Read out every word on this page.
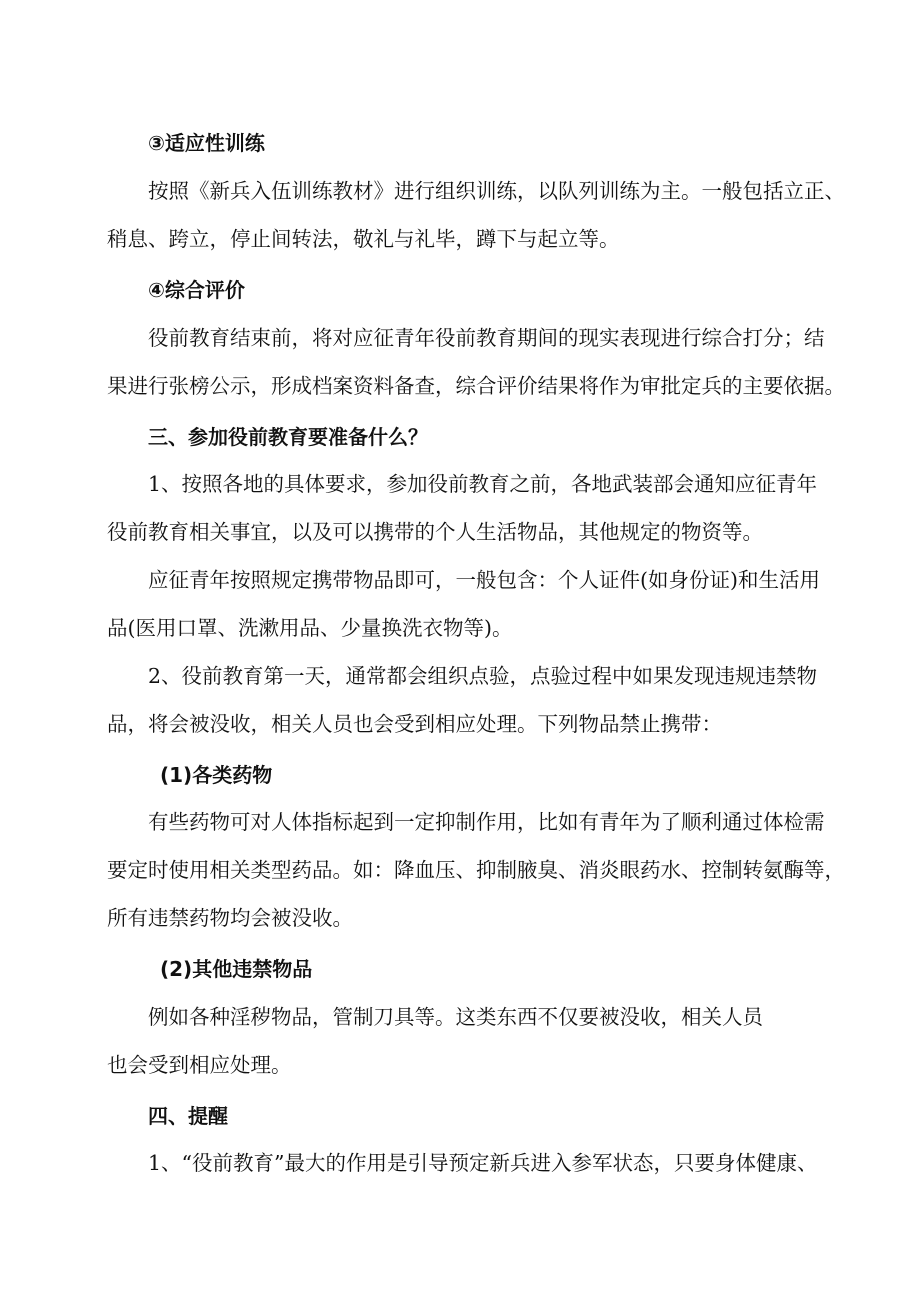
③适应性训练
按照《新兵入伍训练教材》进行组织训练，以队列训练为主。一般包括立正、
稍息、跨立，停止间转法，敬礼与礼毕，蹲下与起立等。
④综合评价
役前教育结束前，将对应征青年役前教育期间的现实表现进行综合打分；结
果进行张榜公示，形成档案资料备查，综合评价结果将作为审批定兵的主要依据。
三、参加役前教育要准备什么？
1、按照各地的具体要求，参加役前教育之前，各地武装部会通知应征青年
役前教育相关事宜，以及可以携带的个人生活物品，其他规定的物资等。
应征青年按照规定携带物品即可，一般包含：个人证件(如身份证)和生活用
品(医用口罩、洗漱用品、少量换洗衣物等)。
2、役前教育第一天，通常都会组织点验，点验过程中如果发现违规违禁物
品，将会被没收，相关人员也会受到相应处理。下列物品禁止携带：
(1)各类药物
有些药物可对人体指标起到一定抑制作用，比如有青年为了顺利通过体检需
要定时使用相关类型药品。如：降血压、抑制腋臭、消炎眼药水、控制转氨酶等，
所有违禁药物均会被没收。
(2)其他违禁物品
例如各种淫秽物品，管制刀具等。这类东西不仅要被没收，相关人员
也会受到相应处理。
四、提醒
1、“役前教育”最大的作用是引导预定新兵进入参军状态，只要身体健康、
